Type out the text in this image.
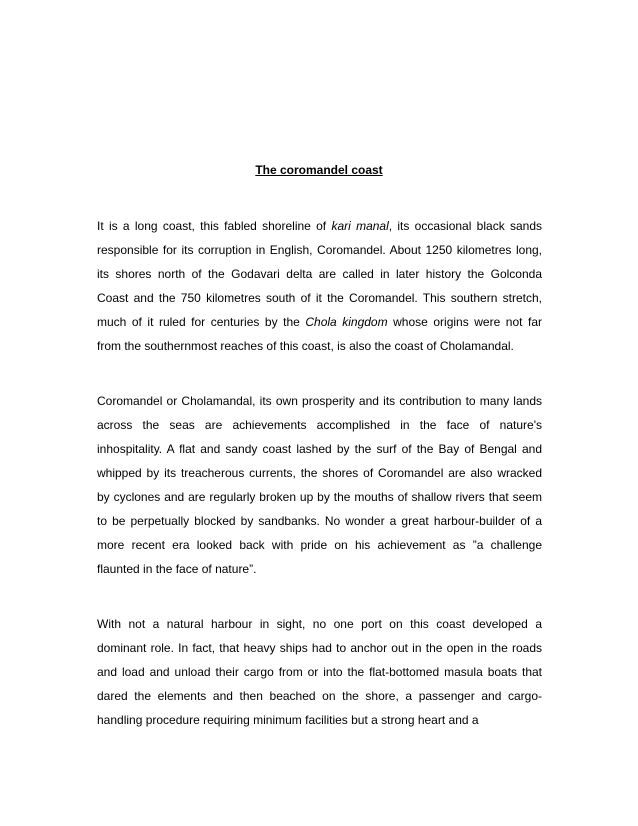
The coromandel coast
It is a long coast, this fabled shoreline of kari manal, its occasional black sands
responsible for its corruption in English, Coromandel. About 1250 kilometres long,
its shores north of the Godavari delta are called in later history the Golconda
Coast and the 750 kilometres south of it the Coromandel. This southern stretch,
much of it ruled for centuries by the Chola kingdom whose origins were not far
from the southernmost reaches of this coast, is also the coast of Cholamandal.
Coromandel or Cholamandal, its own prosperity and its contribution to many lands
across the seas are achievements accomplished in the face of nature's
inhospitality. A flat and sandy coast lashed by the surf of the Bay of Bengal and
whipped by its treacherous currents, the shores of Coromandel are also wracked
by cyclones and are regularly broken up by the mouths of shallow rivers that seem
to be perpetually blocked by sandbanks. No wonder a great harbour-builder of a
more recent era looked back with pride on his achievement as ”a challenge
flaunted in the face of nature”.
With not a natural harbour in sight, no one port on this coast developed a
dominant role. In fact, that heavy ships had to anchor out in the open in the roads
and load and unload their cargo from or into the flat-bottomed masula boats that
dared the elements and then beached on the shore, a passenger and cargo-
handling procedure requiring minimum facilities but a strong heart and a
